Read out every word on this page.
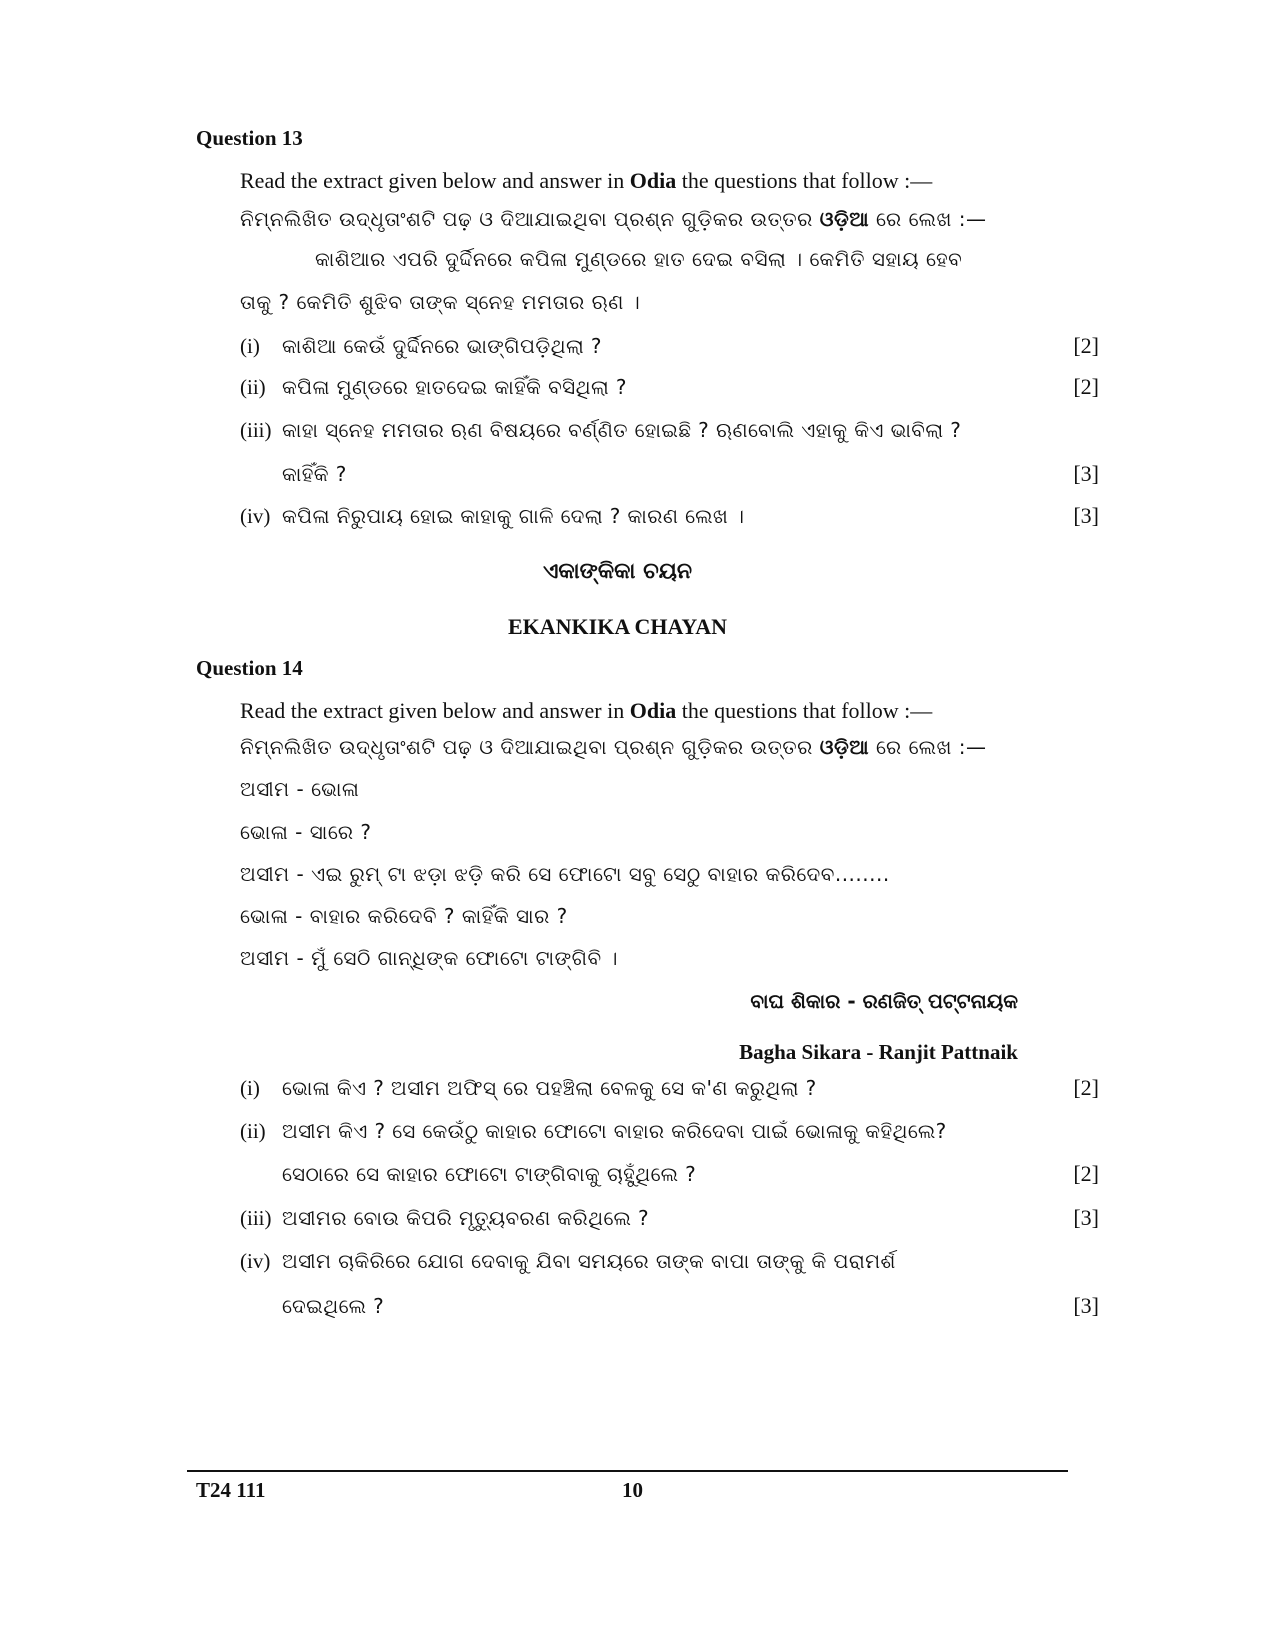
Question 13
Read the extract given below and answer in Odia the questions that follow :—
ନିମ୍ନଲିଖିତ ଉଦ୍ଧୃତାଂଶଟି ପଢ଼ ଓ ଦିଆଯାଇଥିବା ପ୍ରଶ୍ନ ଗୁଡ଼ିକର ଉତ୍ତର ଓଡ଼ିଆ ରେ ଲେଖ :—
କାଶିଆର ଏପରି ଦୁର୍ଦ୍ଦିନରେ କପିଳା ମୁଣ୍ଡରେ ହାତ ଦେଇ ବସିଲା । କେମିତି ସହାୟ ହେବ
ତାକୁ ? କେମିତି ଶୁଝିବ ତାଙ୍କ ସ୍ନେହ ମମତାର ଋଣ ।
(i) କାଶିଆ କେଉଁ ଦୁର୍ଦ୍ଦିନରେ ଭାଙ୍ଗିପଡ଼ିଥିଲା ?	[2]
(ii) କପିଳା ମୁଣ୍ଡରେ ହାତଦେଇ କାହିଁକି ବସିଥିଲା ?	[2]
(iii) କାହା ସ୍ନେହ ମମତାର ଋଣ ବିଷୟରେ ବର୍ଣ୍ଣିତ ହୋଇଛି ? ଋଣବୋଲି ଏହାକୁ କିଏ ଭାବିଲା ?
କାହିଁକି ?	[3]
(iv) କପିଳା ନିରୁପାୟ ହୋଇ କାହାକୁ ଗାଳି ଦେଲା ? କାରଣ ଲେଖ ।	[3]
ଏକାଙ୍କିକା ଚୟନ
EKANKIKA CHAYAN
Question 14
Read the extract given below and answer in Odia the questions that follow :—
ନିମ୍ନଲିଖିତ ଉଦ୍ଧୃତାଂଶଟି ପଢ଼ ଓ ଦିଆଯାଇଥିବା ପ୍ରଶ୍ନ ଗୁଡ଼ିକର ଉତ୍ତର ଓଡ଼ିଆ ରେ ଲେଖ :—
ଅସୀମ - ଭୋଳା
ଭୋଳା - ସାରେ ?
ଅସୀମ - ଏଇ ରୁମ୍ ଟା ଝଡ଼ା ଝଡ଼ି କରି ସେ ଫୋଟୋ ସବୁ ସେଠୁ ବାହାର କରିଦେବ........
ଭୋଳା - ବାହାର କରିଦେବି ? କାହିଁକି ସାର ?
ଅସୀମ - ମୁଁ ସେଠି ଗାନ୍ଧିଙ୍କ ଫୋଟୋ ଟାଙ୍ଗିବି ।
ବାଘ ଶିକାର - ରଣଜିତ୍ ପଟ୍ଟନାୟକ
Bagha Sikara - Ranjit Pattnaik
(i) ଭୋଳା କିଏ ? ଅସୀମ ଅଫିସ୍ ରେ ପହଞ୍ଚିଲା ବେଳକୁ ସେ କ'ଣ କରୁଥିଲା ?	[2]
(ii) ଅସୀମ କିଏ ? ସେ କେଉଁଠୁ କାହାର ଫୋଟୋ ବାହାର କରିଦେବା ପାଇଁ ଭୋଳାକୁ କହିଥିଲେ?
ସେଠାରେ ସେ କାହାର ଫୋଟୋ ଟାଙ୍ଗିବାକୁ ଚାହୁଁଥିଲେ ?	[2]
(iii) ଅସୀମର ବୋଉ କିପରି ମୃତ୍ୟୁବରଣ କରିଥିଲେ ?	[3]
(iv) ଅସୀମ ଚାକିରିରେ ଯୋଗ ଦେବାକୁ ଯିବା ସମୟରେ ତାଙ୍କ ବାପା ତାଙ୍କୁ କି ପରାମର୍ଶ
ଦେଇଥିଲେ ?	[3]
T24 111	10
